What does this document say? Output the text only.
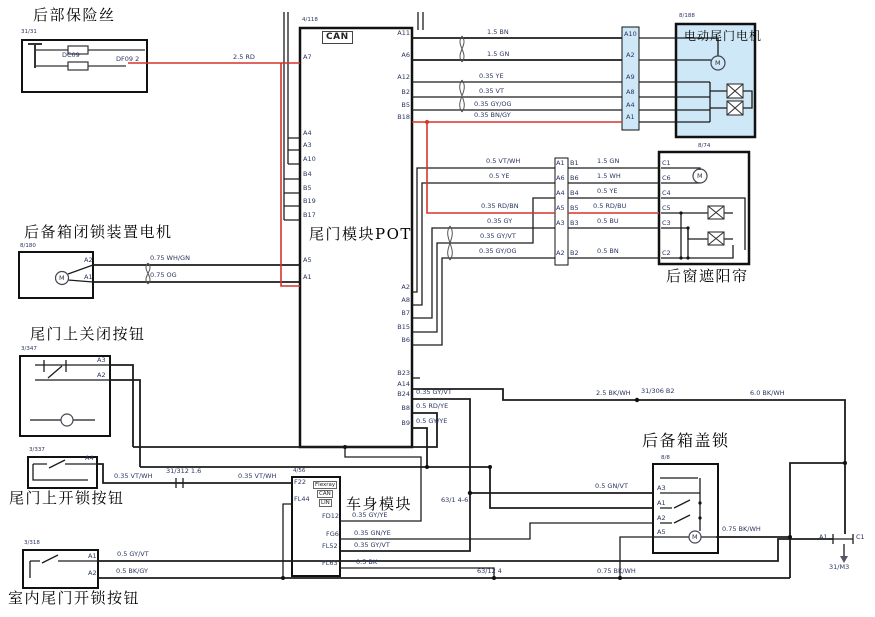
后部保险丝
后备箱闭锁装置电机
尾门上关闭按钮
尾门上开锁按钮
室内尾门开锁按钮
尾门模块POT
电动尾门电机
后窗遮阳帘
后备箱盖锁
车身模块
31/31
4/118
8/188
8/74
8/180
3/347
3/337
3/318
4/56
8/8
CAN
Flexray
CAN
LIN
A7
A4
A3
A10
B4
B5
B19
B17
A5
A1
A11
A6
A12
B2
B5
B18
A2
A8
B7
B15
B6
B23
A14
B24
B8
B9
A10
A2
A9
A8
A4
A1
1.5 BN
1.5 GN
0.35 YE
0.35 VT
0.35 GY/OG
0.35 BN/GY
DC09	DF09 2	2.5 RD
0.5 VT/WH
0.5 YE
0.35 RD/BN
0.35 GY
0.35 GY/VT
0.35 GY/OG
1.5 GN
1.5 WH
0.5 YE
0.5 RD/BU
0.5 BU
0.5 BN
A1
A6
A4
A5
A3
A2
B1
B6
B4
B5
B3
B2
C1
C6
C4
C5
C3
C2
A2
A1
0.75 WH/GN
0.75 OG
A3
A2
A4
0.35 VT/WH
31/312 1.6
0.35 VT/WH
A1
A2
0.5 GY/VT
0.5 BK/GY
F22
FL44
FD12
FG6
FL52
FL63
0.35 GY/YE
0.35 GN/YE
0.35 GY/VT
0.5 BK
0.35 GY/VT
0.5 RD/YE
0.5 GY/YE
2.5 BK/WH 31/306 B2	6.0 BK/WH
A3
A1
A2
A5
0.5 GN/VT
0.75 BK/WH
63/1 4-6
63/12 4	0.75 BK/WH
A1	C1
31/M3
M
M
M
M
